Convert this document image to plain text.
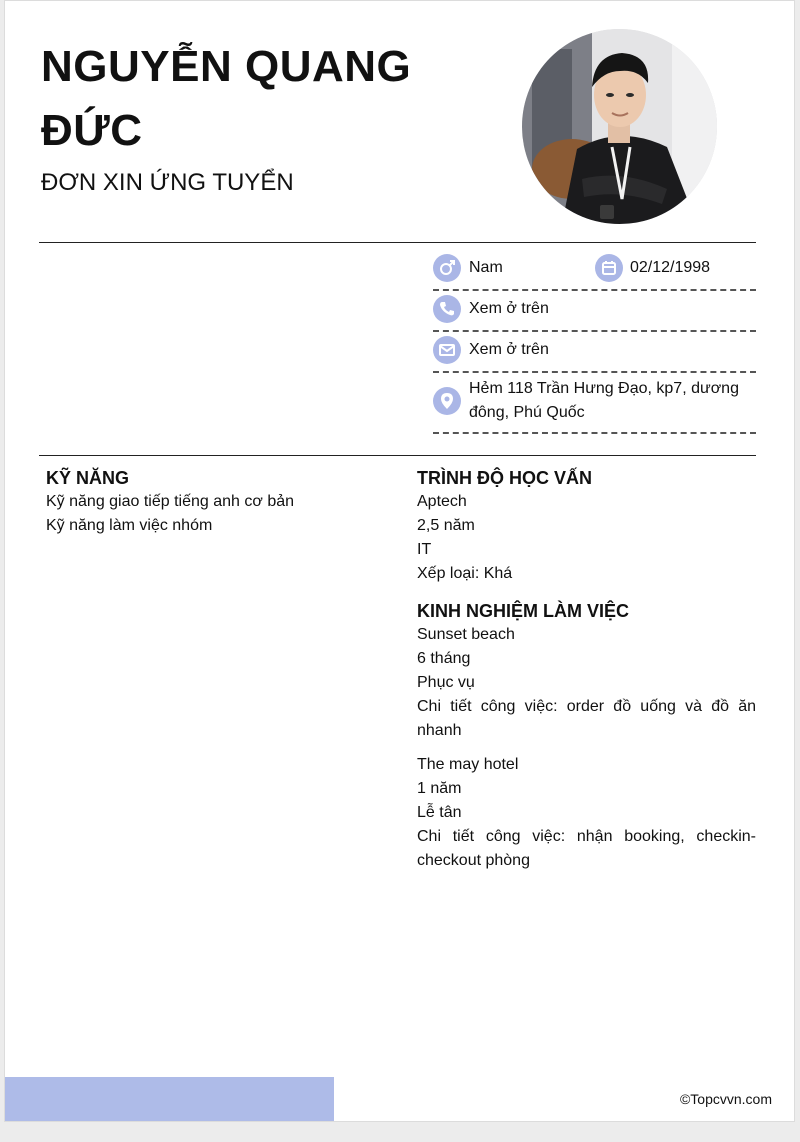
NGUYỄN QUANG ĐỨC
ĐƠN XIN ỨNG TUYỂN
Nam	02/12/1998
Xem ở trên
Xem ở trên
Hẻm 118 Trần Hưng Đạo, kp7, dương đông, Phú Quốc
KỸ NĂNG
Kỹ năng giao tiếp tiếng anh cơ bản
Kỹ năng làm việc nhóm
TRÌNH ĐỘ HỌC VẤN
Aptech
2,5 năm
IT
Xếp loại: Khá
KINH NGHIỆM LÀM VIỆC
Sunset beach
6 tháng
Phục vụ
Chi tiết công việc: order đồ uống và đồ ăn nhanh
The may hotel
1 năm
Lễ tân
Chi tiết công việc: nhận booking, checkin-checkout phòng
©Topcvvn.com
